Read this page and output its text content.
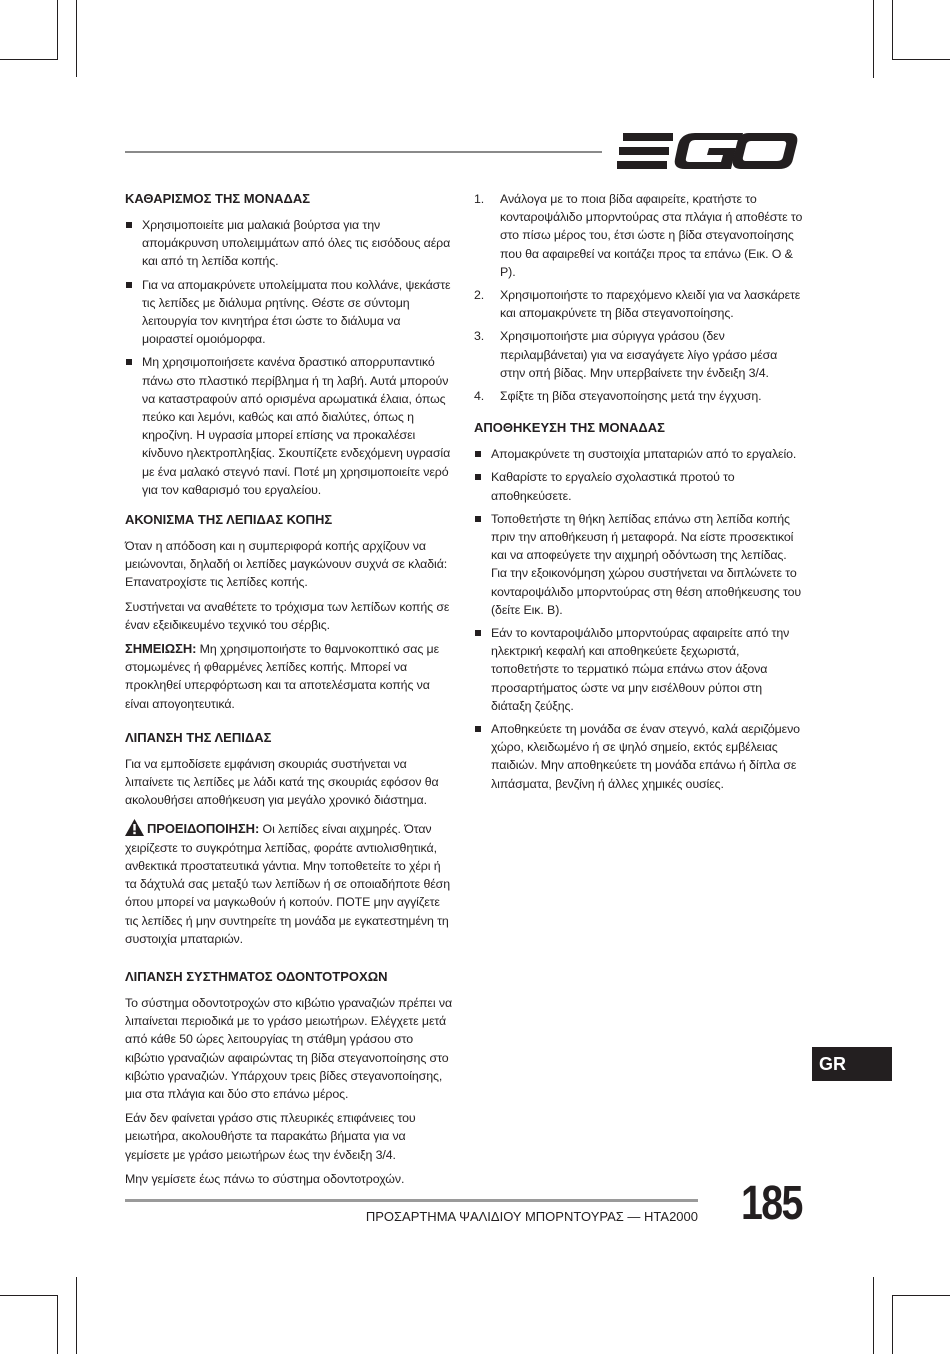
ΚΑΘΑΡΙΣΜΟΣ ΤΗΣ ΜΟΝΑΔΑΣ
Χρησιμοποιείτε μια μαλακιά βούρτσα για την απομάκρυνση υπολειμμάτων από όλες τις εισόδους αέρα και από τη λεπίδα κοπής.
Για να απομακρύνετε υπολείμματα που κολλάνε, ψεκάστε τις λεπίδες με διάλυμα ρητίνης. Θέστε σε σύντομη λειτουργία τον κινητήρα έτσι ώστε το διάλυμα να μοιραστεί ομοιόμορφα.
Μη χρησιμοποιήσετε κανένα δραστικό απορρυπαντικό πάνω στο πλαστικό περίβλημα ή τη λαβή. Αυτά μπορούν να καταστραφούν από ορισμένα αρωματικά έλαια, όπως πεύκο και λεμόνι, καθώς και από διαλύτες, όπως η κηροζίνη. Η υγρασία μπορεί επίσης να προκαλέσει κίνδυνο ηλεκτροπληξίας. Σκουπίζετε ενδεχόμενη υγρασία με ένα μαλακό στεγνό πανί. Ποτέ μη χρησιμοποιείτε νερό για τον καθαρισμό του εργαλείου.
ΑΚΟΝΙΣΜΑ ΤΗΣ ΛΕΠΙΔΑΣ ΚΟΠΗΣ

Όταν η απόδοση και η συμπεριφορά κοπής αρχίζουν να μειώνονται, δηλαδή οι λεπίδες μαγκώνουν συχνά σε κλαδιά: Επανατροχίστε τις λεπίδες κοπής.

Συστήνεται να αναθέτετε το τρόχισμα των λεπίδων κοπής σε έναν εξειδικευμένο τεχνικό του σέρβις.

ΣΗΜΕΙΩΣΗ: Μη χρησιμοποιήστε το θαμνοκοπτικό σας με στομωμένες ή φθαρμένες λεπίδες κοπής. Μπορεί να προκληθεί υπερφόρτωση και τα αποτελέσματα κοπής να είναι απογοητευτικά.

ΛΙΠΑΝΣΗ ΤΗΣ ΛΕΠΙΔΑΣ

Για να εμποδίσετε εμφάνιση σκουριάς συστήνεται να λιπαίνετε τις λεπίδες με λάδι κατά της σκουριάς εφόσον θα ακολουθήσει αποθήκευση για μεγάλο χρονικό διάστημα.

ΠΡΟΕΙΔΟΠΟΙΗΣΗ: Οι λεπίδες είναι αιχμηρές. Όταν χειρίζεστε το συγκρότημα λεπίδας, φοράτε αντιολισθητικά, ανθεκτικά προστατευτικά γάντια. Μην τοποθετείτε το χέρι ή τα δάχτυλά σας μεταξύ των λεπίδων ή σε οποιαδήποτε θέση όπου μπορεί να μαγκωθούν ή κοπούν. ΠΟΤΕ μην αγγίζετε τις λεπίδες ή μην συντηρείτε τη μονάδα με εγκατεστημένη τη συστοιχία μπαταριών.

ΛΙΠΑΝΣΗ ΣΥΣΤΗΜΑΤΟΣ ΟΔΟΝΤΟΤΡΟΧΩΝ

Το σύστημα οδοντοτροχών στο κιβώτιο γραναζιών πρέπει να λιπαίνεται περιοδικά με το γράσο μειωτήρων. Ελέγχετε μετά από κάθε 50 ώρες λειτουργίας τη στάθμη γράσου στο κιβώτιο γραναζιών αφαιρώντας τη βίδα στεγανοποίησης στο κιβώτιο γραναζιών. Υπάρχουν τρεις βίδες στεγανοποίησης, μια στα πλάγια και δύο στο επάνω μέρος.

Εάν δεν φαίνεται γράσο στις πλευρικές επιφάνειες του μειωτήρα, ακολουθήστε τα παρακάτω βήματα για να γεμίσετε με γράσο μειωτήρων έως την ένδειξη 3/4.

Μην γεμίσετε έως πάνω το σύστημα οδοντοτροχών.

1. Ανάλογα με το ποια βίδα αφαιρείτε, κρατήστε το κονταροψάλιδο μπορντούρας στα πλάγια ή αποθέστε το στο πίσω μέρος του, έτσι ώστε η βίδα στεγανοποίησης που θα αφαιρεθεί να κοιτάζει προς τα επάνω (Εικ. O & P).
2. Χρησιμοποιήστε το παρεχόμενο κλειδί για να λασκάρετε και απομακρύνετε τη βίδα στεγανοποίησης.
3. Χρησιμοποιήστε μια σύριγγα γράσου (δεν περιλαμβάνεται) για να εισαγάγετε λίγο γράσο μέσα στην οπή βίδας. Μην υπερβαίνετε την ένδειξη 3/4.
4. Σφίξτε τη βίδα στεγανοποίησης μετά την έγχυση.
ΑΠΟΘΗΚΕΥΣΗ ΤΗΣ ΜΟΝΑΔΑΣ
Απομακρύνετε τη συστοιχία μπαταριών από το εργαλείο.
Καθαρίστε το εργαλείο σχολαστικά προτού το αποθηκεύσετε.
Τοποθετήστε τη θήκη λεπίδας επάνω στη λεπίδα κοπής πριν την αποθήκευση ή μεταφορά. Να είστε προσεκτικοί και να αποφεύγετε την αιχμηρή οδόντωση της λεπίδας. Για την εξοικονόμηση χώρου συστήνεται να διπλώνετε το κονταροψάλιδο μπορντούρας στη θέση αποθήκευσης του (δείτε Εικ. B).
Εάν το κονταροψάλιδο μπορντούρας αφαιρείτε από την ηλεκτρική κεφαλή και αποθηκεύετε ξεχωριστά, τοποθετήστε το τερματικό πώμα επάνω στον άξονα προσαρτήματος ώστε να μην εισέλθουν ρύποι στη διάταξη ζεύξης.
Αποθηκεύετε τη μονάδα σε έναν στεγνό, καλά αεριζόμενο χώρο, κλειδωμένο ή σε ψηλό σημείο, εκτός εμβέλειας παιδιών. Μην αποθηκεύετε τη μονάδα επάνω ή δίπλα σε λιπάσματα, βενζίνη ή άλλες χημικές ουσίες.
GR
ΠΡΟΣΑΡΤΗΜΑ ΨΑΛΙΔΙΟΥ ΜΠΟΡΝΤΟΥΡΑΣ — HTA2000 185
